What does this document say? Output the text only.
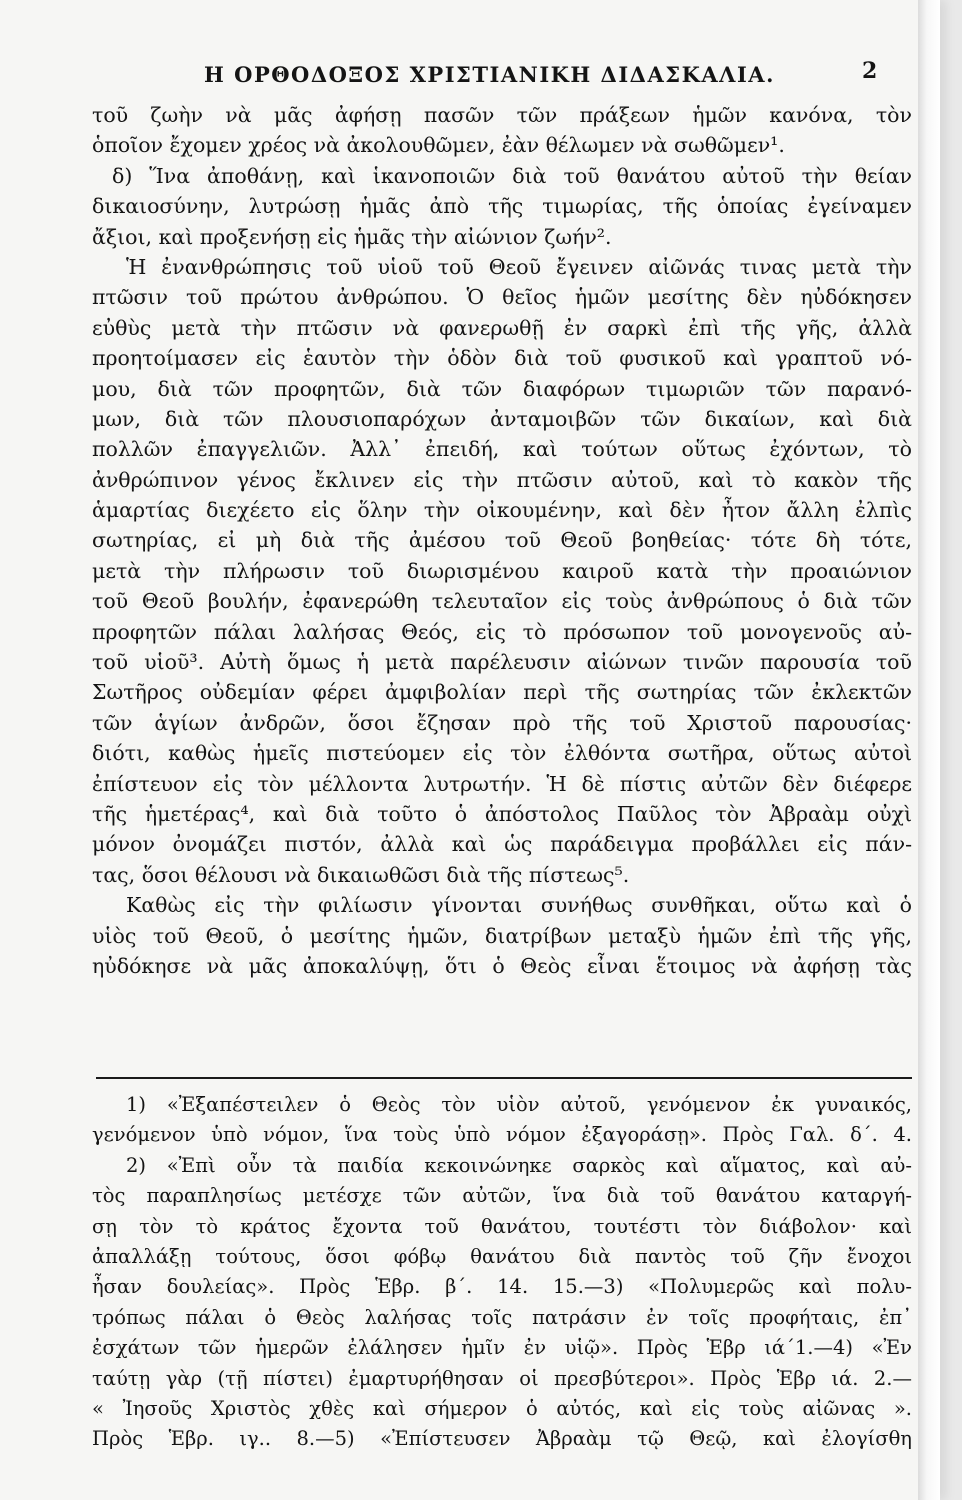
Η ΟΡΘΟΔΟΞΟΣ ΧΡΙΣΤΙΑΝΙΚΗ ΔΙΔΑΣΚΑΛΙΑ.	2
τοῦ ζωὴν νὰ μᾶς ἀφήσῃ πασῶν τῶν πράξεων ἡμῶν κανόνα, τὸν
ὁποῖον ἔχομεν χρέος νὰ ἀκολουθῶμεν, ἐὰν θέλωμεν νὰ σωθῶμεν¹.
δ) Ἵνα ἀποθάνῃ, καὶ ἱκανοποιῶν διὰ τοῦ θανάτου αὐτοῦ τὴν θείαν
δικαιοσύνην, λυτρώσῃ ἡμᾶς ἀπὸ τῆς τιμωρίας, τῆς ὁποίας ἐγείναμεν
ἄξιοι, καὶ προξενήσῃ εἰς ἡμᾶς τὴν αἰώνιον ζωήν².
Ἡ ἐνανθρώπησις τοῦ υἱοῦ τοῦ Θεοῦ ἔγεινεν αἰῶνάς τινας μετὰ τὴν
πτῶσιν τοῦ πρώτου ἀνθρώπου. Ὁ θεῖος ἡμῶν μεσίτης δὲν ηὐδόκησεν
εὐθὺς μετὰ τὴν πτῶσιν νὰ φανερωθῇ ἐν σαρκὶ ἐπὶ τῆς γῆς, ἀλλὰ
προητοίμασεν εἰς ἑαυτὸν τὴν ὁδὸν διὰ τοῦ φυσικοῦ καὶ γραπτοῦ νό-
μου, διὰ τῶν προφητῶν, διὰ τῶν διαφόρων τιμωριῶν τῶν παρανό-
μων, διὰ τῶν πλουσιοπαρόχων ἀνταμοιβῶν τῶν δικαίων, καὶ διὰ
πολλῶν ἐπαγγελιῶν. Ἀλλ᾽ ἐπειδή, καὶ τούτων οὕτως ἐχόντων, τὸ
ἀνθρώπινον γένος ἔκλινεν εἰς τὴν πτῶσιν αὐτοῦ, καὶ τὸ κακὸν τῆς
ἁμαρτίας διεχέετο εἰς ὅλην τὴν οἰκουμένην, καὶ δὲν ἦτον ἄλλη ἐλπὶς
σωτηρίας, εἰ μὴ διὰ τῆς ἀμέσου τοῦ Θεοῦ βοηθείας· τότε δὴ τότε,
μετὰ τὴν πλήρωσιν τοῦ διωρισμένου καιροῦ κατὰ τὴν προαιώνιον
τοῦ Θεοῦ βουλήν, ἐφανερώθη τελευταῖον εἰς τοὺς ἀνθρώπους ὁ διὰ τῶν
προφητῶν πάλαι λαλήσας Θεός, εἰς τὸ πρόσωπον τοῦ μονογενοῦς αὐ-
τοῦ υἱοῦ³. Αὐτὴ ὅμως ἡ μετὰ παρέλευσιν αἰώνων τινῶν παρουσία τοῦ
Σωτῆρος οὐδεμίαν φέρει ἀμφιβολίαν περὶ τῆς σωτηρίας τῶν ἐκλεκτῶν
τῶν ἁγίων ἀνδρῶν, ὅσοι ἔζησαν πρὸ τῆς τοῦ Χριστοῦ παρουσίας·
διότι, καθὼς ἡμεῖς πιστεύομεν εἰς τὸν ἐλθόντα σωτῆρα, οὕτως αὐτοὶ
ἐπίστευον εἰς τὸν μέλλοντα λυτρωτήν. Ἡ δὲ πίστις αὐτῶν δὲν διέφερε
τῆς ἡμετέρας⁴, καὶ διὰ τοῦτο ὁ ἀπόστολος Παῦλος τὸν Ἀβραὰμ οὐχὶ
μόνον ὀνομάζει πιστόν, ἀλλὰ καὶ ὡς παράδειγμα προβάλλει εἰς πάν-
τας, ὅσοι θέλουσι νὰ δικαιωθῶσι διὰ τῆς πίστεως⁵.
Καθὼς εἰς τὴν φιλίωσιν γίνονται συνήθως συνθῆκαι, οὕτω καὶ ὁ
υἱὸς τοῦ Θεοῦ, ὁ μεσίτης ἡμῶν, διατρίβων μεταξὺ ἡμῶν ἐπὶ τῆς γῆς,
ηὐδόκησε νὰ μᾶς ἀποκαλύψῃ, ὅτι ὁ Θεὸς εἶναι ἕτοιμος νὰ ἀφήσῃ τὰς
1) «Ἐξαπέστειλεν ὁ Θεὸς τὸν υἱὸν αὐτοῦ, γενόμενον ἐκ γυναικός,
γενόμενον ὑπὸ νόμον, ἵνα τοὺς ὑπὸ νόμον ἐξαγοράσῃ». Πρὸς Γαλ. δ΄. 4.
2) «Ἐπὶ οὖν τὰ παιδία κεκοινώνηκε σαρκὸς καὶ αἵματος, καὶ αὐ-
τὸς παραπλησίως μετέσχε τῶν αὐτῶν, ἵνα διὰ τοῦ θανάτου καταργή-
σῃ τὸν τὸ κράτος ἔχοντα τοῦ θανάτου, τουτέστι τὸν διάβολον· καὶ
ἀπαλλάξῃ τούτους, ὅσοι φόβῳ θανάτου διὰ παντὸς τοῦ ζῆν ἔνοχοι
ἦσαν δουλείας». Πρὸς Ἑβρ. β΄. 14. 15.—3) «Πολυμερῶς καὶ πολυ-
τρόπως πάλαι ὁ Θεὸς λαλήσας τοῖς πατράσιν ἐν τοῖς προφήταις, ἐπ᾽
ἐσχάτων τῶν ἡμερῶν ἐλάλησεν ἡμῖν ἐν υἱῷ». Πρὸς Ἑβρ ιά΄1.—4) «Ἐν
ταύτῃ γὰρ (τῇ πίστει) ἐμαρτυρήθησαν οἱ πρεσβύτεροι». Πρὸς Ἑβρ ιά. 2.—
« Ἰησοῦς Χριστὸς χθὲς καὶ σήμερον ὁ αὐτός, καὶ εἰς τοὺς αἰῶνας ».
Πρὸς Ἑβρ. ιγ.. 8.—5) «Ἐπίστευσεν Ἀβραὰμ τῷ Θεῷ, καὶ ἐλογίσθη
